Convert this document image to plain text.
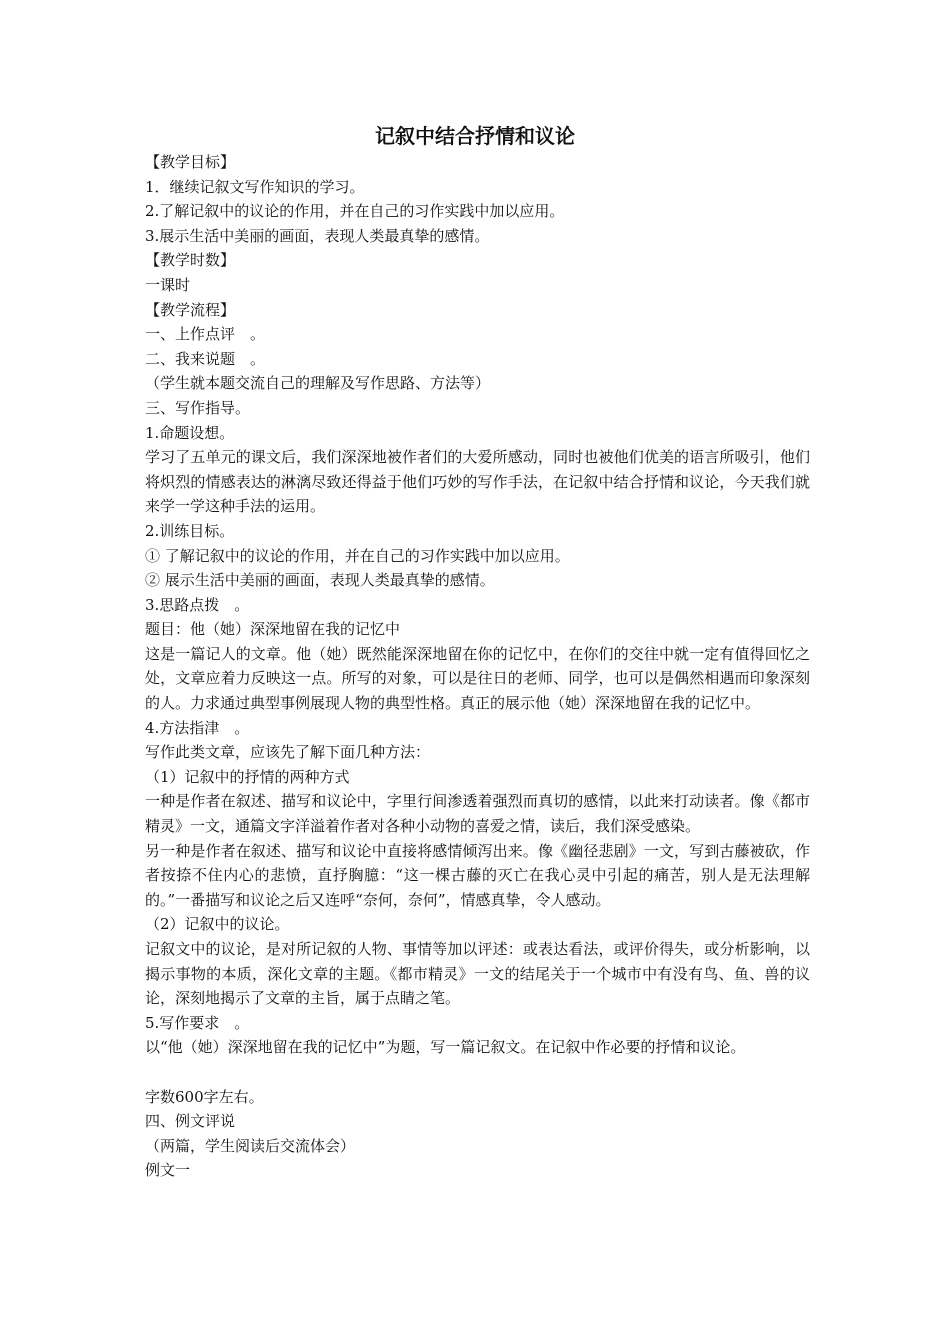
记叙中结合抒情和议论

【教学目标】

1．继续记叙文写作知识的学习。

2.了解记叙中的议论的作用，并在自己的习作实践中加以应用。

3.展示生活中美丽的画面，表现人类最真挚的感情。

【教学时数】

一课时

【教学流程】

一、上作点评　。

二、我来说题　。

（学生就本题交流自己的理解及写作思路、方法等）

三、写作指导。

1.命题设想。

学习了五单元的课文后，我们深深地被作者们的大爱所感动，同时也被他们优美的语言所吸引，他们将炽烈的情感表达的淋漓尽致还得益于他们巧妙的写作手法，在记叙中结合抒情和议论，今天我们就来学一学这种手法的运用。

2.训练目标。

① 了解记叙中的议论的作用，并在自己的习作实践中加以应用。

② 展示生活中美丽的画面，表现人类最真挚的感情。

3.思路点拨　。

题目：他（她）深深地留在我的记忆中

这是一篇记人的文章。他（她）既然能深深地留在你的记忆中，在你们的交往中就一定有值得回忆之处，文章应着力反映这一点。所写的对象，可以是往日的老师、同学，也可以是偶然相遇而印象深刻的人。力求通过典型事例展现人物的典型性格。真正的展示他（她）深深地留在我的记忆中。

4.方法指津　。

写作此类文章，应该先了解下面几种方法：

（1）记叙中的抒情的两种方式

一种是作者在叙述、描写和议论中，字里行间渗透着强烈而真切的感情，以此来打动读者。像《都市精灵》一文，通篇文字洋溢着作者对各种小动物的喜爱之情，读后，我们深受感染。

另一种是作者在叙述、描写和议论中直接将感情倾泻出来。像《幽径悲剧》一文，写到古藤被砍，作者按捺不住内心的悲愤，直抒胸臆：“这一棵古藤的灭亡在我心灵中引起的痛苦，别人是无法理解的。”一番描写和议论之后又连呼“奈何，奈何”，情感真挚，令人感动。

（2）记叙中的议论。

记叙文中的议论，是对所记叙的人物、事情等加以评述：或表达看法，或评价得失，或分析影响，以揭示事物的本质，深化文章的主题。《都市精灵》一文的结尾关于一个城市中有没有鸟、鱼、兽的议论，深刻地揭示了文章的主旨，属于点睛之笔。

5.写作要求　。

以“他（她）深深地留在我的记忆中”为题，写一篇记叙文。在记叙中作必要的抒情和议论。

字数600字左右。

四、例文评说

（两篇，学生阅读后交流体会）

例文一
